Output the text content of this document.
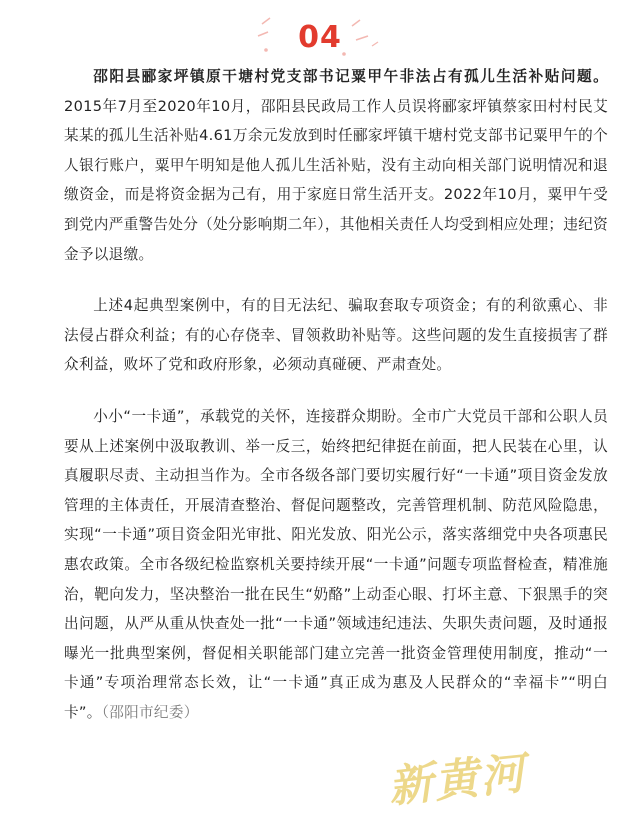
04

邵阳县郦家坪镇原干塘村党支部书记粟甲午非法占有孤儿生活补贴问题。2015年7月至2020年10月，邵阳县民政局工作人员误将郦家坪镇蔡家田村村民艾某某的孤儿生活补贴4.61万余元发放到时任郦家坪镇干塘村党支部书记粟甲午的个人银行账户，粟甲午明知是他人孤儿生活补贴，没有主动向相关部门说明情况和退缴资金，而是将资金据为己有，用于家庭日常生活开支。2022年10月，粟甲午受到党内严重警告处分（处分影响期二年），其他相关责任人均受到相应处理；违纪资金予以退缴。

上述4起典型案例中，有的目无法纪、骗取套取专项资金；有的利欲熏心、非法侵占群众利益；有的心存侥幸、冒领救助补贴等。这些问题的发生直接损害了群众利益，败坏了党和政府形象，必须动真碰硬、严肃查处。

小小“一卡通”，承载党的关怀，连接群众期盼。全市广大党员干部和公职人员要从上述案例中汲取教训、举一反三，始终把纪律挺在前面，把人民装在心里，认真履职尽责、主动担当作为。全市各级各部门要切实履行好“一卡通”项目资金发放管理的主体责任，开展清查整治、督促问题整改，完善管理机制、防范风险隐患，实现“一卡通”项目资金阳光审批、阳光发放、阳光公示，落实落细党中央各项惠民惠农政策。全市各级纪检监察机关要持续开展“一卡通”问题专项监督检查，精准施治，靶向发力，坚决整治一批在民生“奶酪”上动歪心眼、打坏主意、下狠黑手的突出问题，从严从重从快查处一批“一卡通”领域违纪违法、失职失责问题，及时通报曝光一批典型案例，督促相关职能部门建立完善一批资金管理使用制度，推动“一卡通”专项治理常态长效，让“一卡通”真正成为惠及人民群众的“幸福卡”“明白卡”。（邵阳市纪委）

新黄河
